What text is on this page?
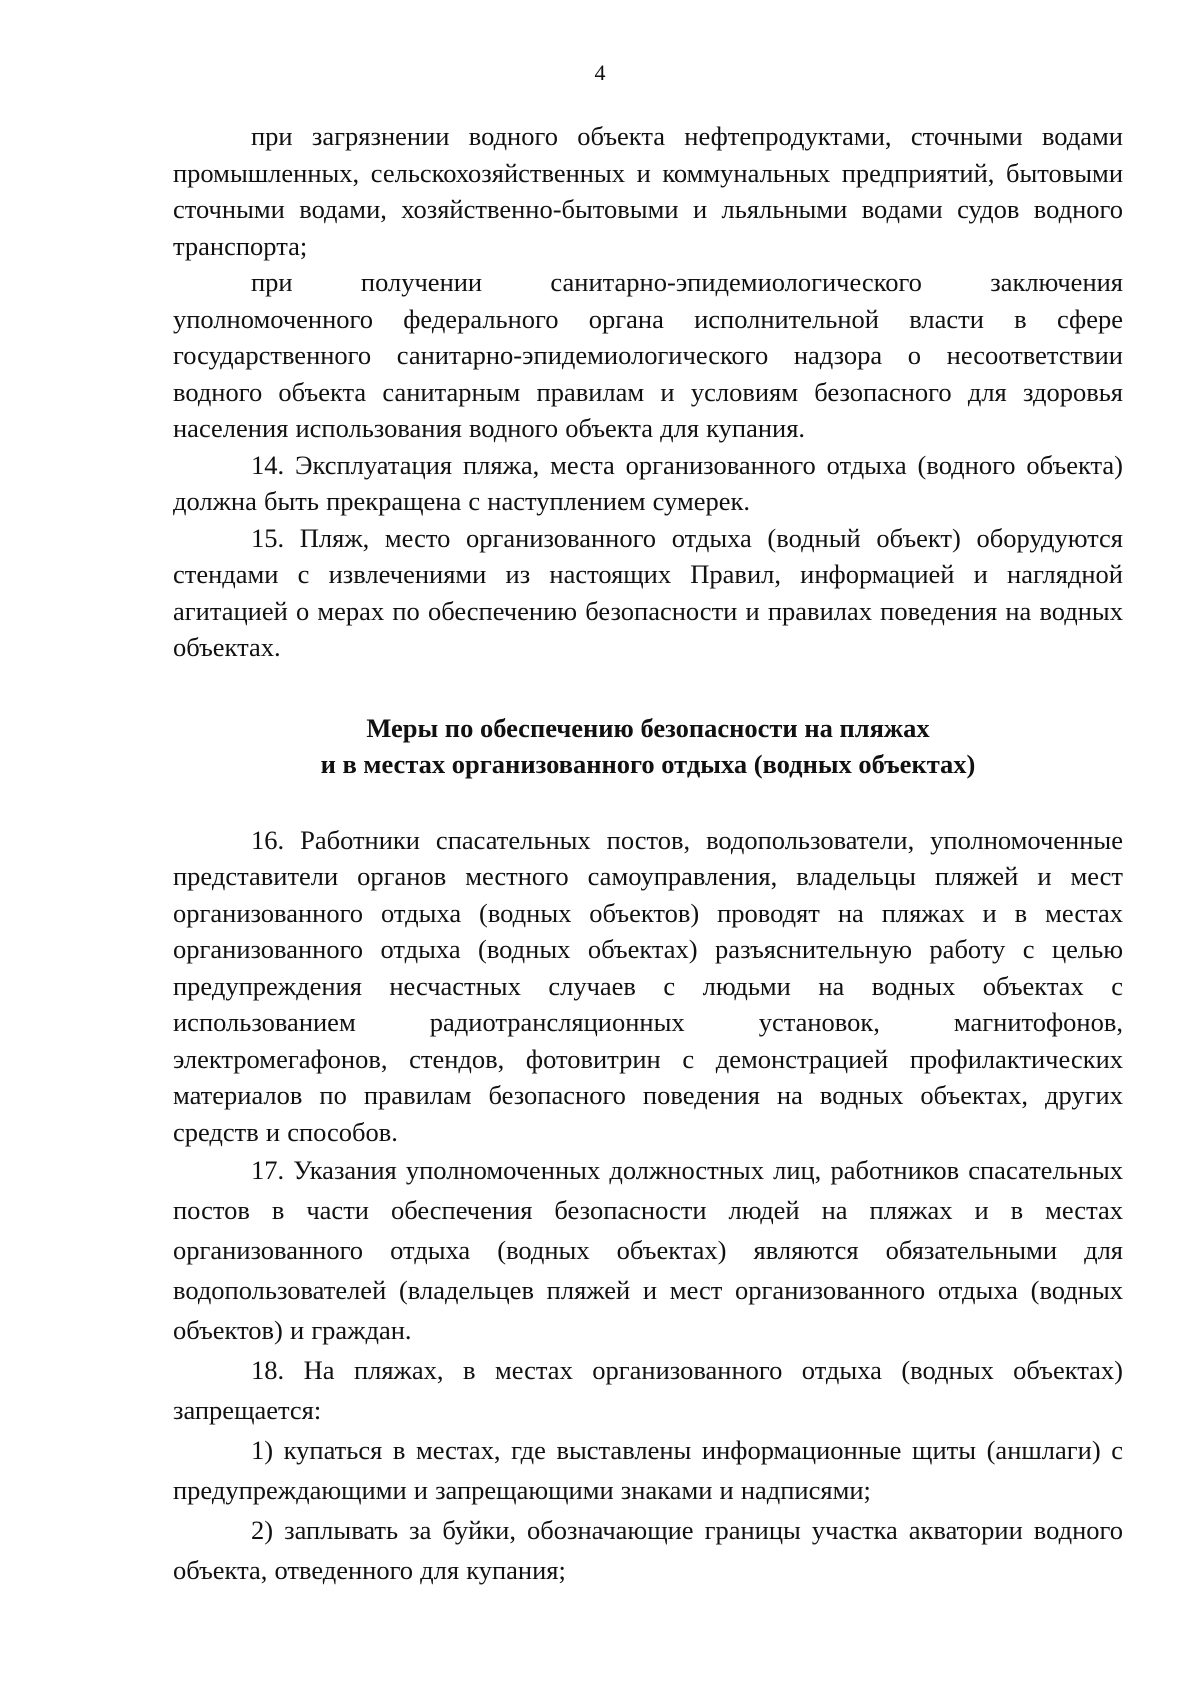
4

при загрязнении водного объекта нефтепродуктами, сточными водами промышленных, сельскохозяйственных и коммунальных предприятий, бытовыми сточными водами, хозяйственно-бытовыми и льяльными водами судов водного транспорта;

при получении санитарно-эпидемиологического заключения уполномоченного федерального органа исполнительной власти в сфере государственного санитарно-эпидемиологического надзора о несоответствии водного объекта санитарным правилам и условиям безопасного для здоровья населения использования водного объекта для купания.

14. Эксплуатация пляжа, места организованного отдыха (водного объекта) должна быть прекращена с наступлением сумерек.

15. Пляж, место организованного отдыха (водный объект) оборудуются стендами с извлечениями из настоящих Правил, информацией и наглядной агитацией о мерах по обеспечению безопасности и правилах поведения на водных объектах.

Меры по обеспечению безопасности на пляжах

и в местах организованного отдыха (водных объектах)

16. Работники спасательных постов, водопользователи, уполномоченные представители органов местного самоуправления, владельцы пляжей и мест организованного отдыха (водных объектов) проводят на пляжах и в местах организованного отдыха (водных объектах) разъяснительную работу с целью предупреждения несчастных случаев с людьми на водных объектах с использованием радиотрансляционных установок, магнитофонов, электромегафонов, стендов, фотовитрин с демонстрацией профилактических материалов по правилам безопасного поведения на водных объектах, других средств и способов.

17. Указания уполномоченных должностных лиц, работников спасательных постов в части обеспечения безопасности людей на пляжах и в местах организованного отдыха (водных объектах) являются обязательными для водопользователей (владельцев пляжей и мест организованного отдыха (водных объектов) и граждан.

18. На пляжах, в местах организованного отдыха (водных объектах) запрещается:

1) купаться в местах, где выставлены информационные щиты (аншлаги) с предупреждающими и запрещающими знаками и надписями;

2) заплывать за буйки, обозначающие границы участка акватории водного объекта, отведенного для купания;
